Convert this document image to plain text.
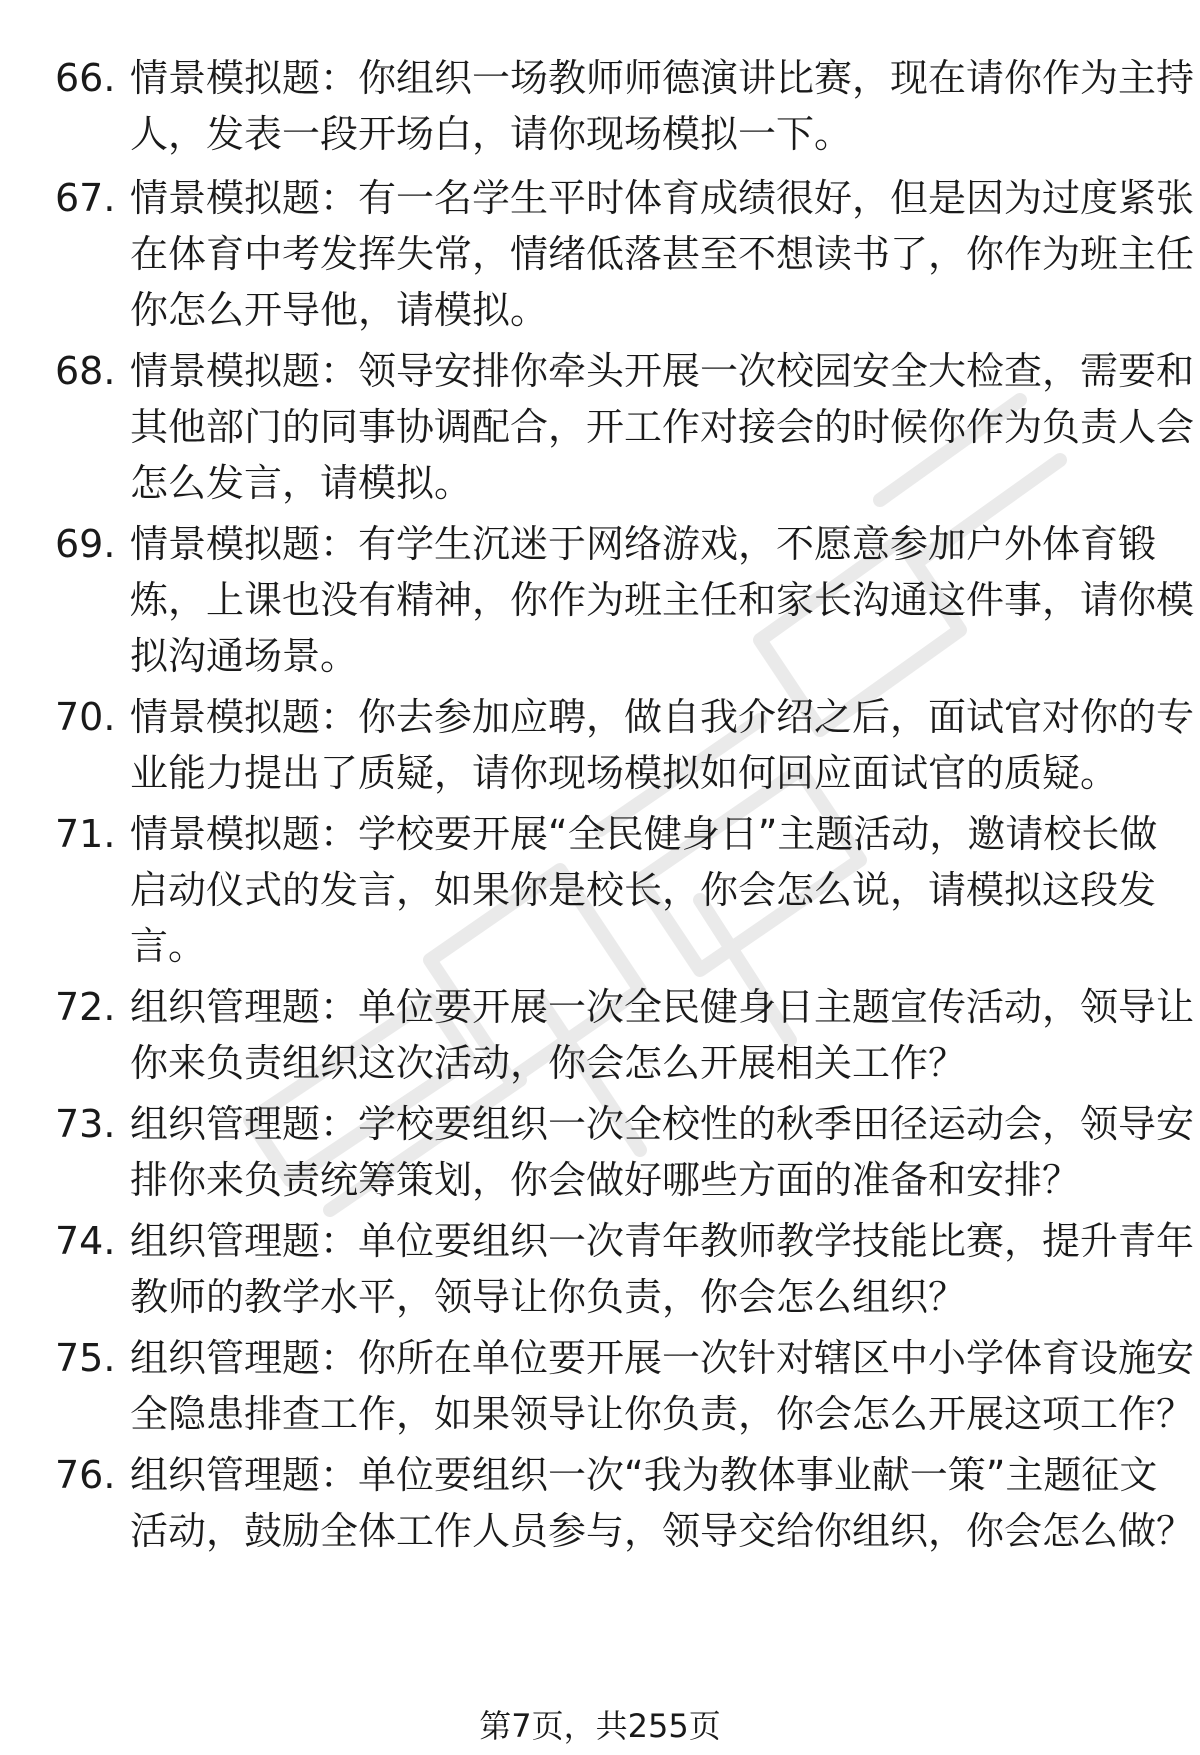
66. 情景模拟题：你组织一场教师师德演讲比赛，现在请你作为主持
人，发表一段开场白，请你现场模拟一下。
67. 情景模拟题：有一名学生平时体育成绩很好，但是因为过度紧张
在体育中考发挥失常，情绪低落甚至不想读书了，你作为班主任
你怎么开导他，请模拟。
68. 情景模拟题：领导安排你牵头开展一次校园安全大检查，需要和
其他部门的同事协调配合，开工作对接会的时候你作为负责人会
怎么发言，请模拟。
69. 情景模拟题：有学生沉迷于网络游戏，不愿意参加户外体育锻
炼，上课也没有精神，你作为班主任和家长沟通这件事，请你模
拟沟通场景。
70. 情景模拟题：你去参加应聘，做自我介绍之后，面试官对你的专
业能力提出了质疑，请你现场模拟如何回应面试官的质疑。
71. 情景模拟题：学校要开展“全民健身日”主题活动，邀请校长做
启动仪式的发言，如果你是校长，你会怎么说，请模拟这段发
言。
72. 组织管理题：单位要开展一次全民健身日主题宣传活动，领导让
你来负责组织这次活动，你会怎么开展相关工作？
73. 组织管理题：学校要组织一次全校性的秋季田径运动会，领导安
排你来负责统筹策划，你会做好哪些方面的准备和安排？
74. 组织管理题：单位要组织一次青年教师教学技能比赛，提升青年
教师的教学水平，领导让你负责，你会怎么组织？
75. 组织管理题：你所在单位要开展一次针对辖区中小学体育设施安
全隐患排查工作，如果领导让你负责，你会怎么开展这项工作？
76. 组织管理题：单位要组织一次“我为教体事业献一策”主题征文
活动，鼓励全体工作人员参与，领导交给你组织，你会怎么做？
第7页，共255页
